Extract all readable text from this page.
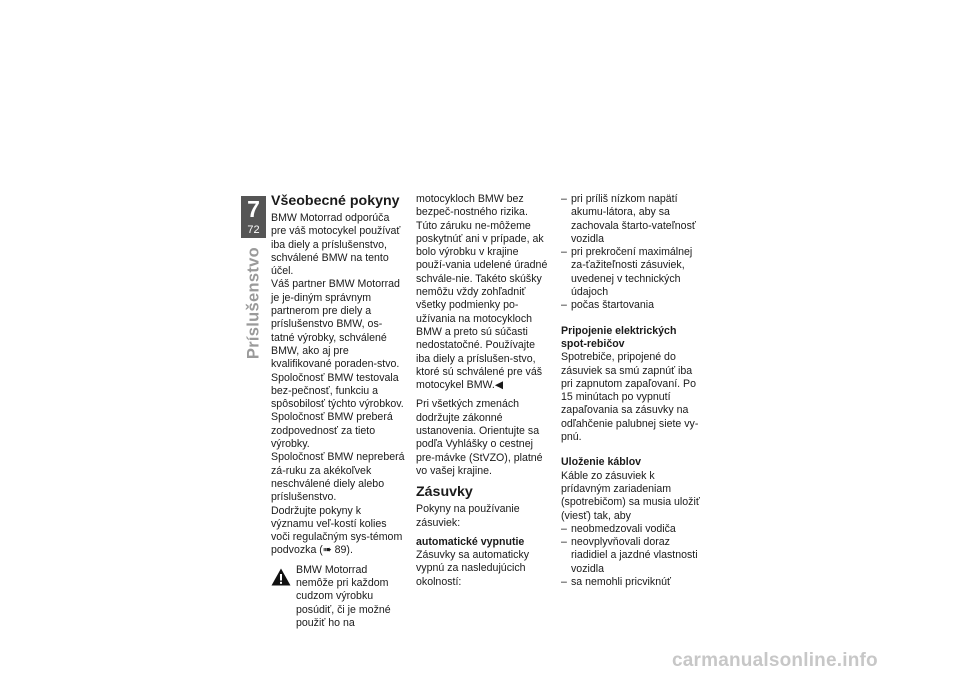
7
72
Príslušenstvo
Všeobecné pokyny

BMW Motorrad odporúča pre váš motocykel používať iba diely a príslušenstvo, schválené BMW na tento účel.

Váš partner BMW Motorrad je je-diným správnym partnerom pre diely a príslušenstvo BMW, os-tatné výrobky, schválené BMW, ako aj pre kvalifikované poraden-stvo.

Spoločnosť BMW testovala bez-pečnosť, funkciu a spôsobilosť týchto výrobkov. Spoločnosť BMW preberá zodpovednosť za tieto výrobky.

Spoločnosť BMW nepreberá zá-ruku za akékoľvek neschválené diely alebo príslušenstvo.

Dodržujte pokyny k významu veľ-kostí kolies voči regulačným sys-témom podvozka (➠ 89).

BMW Motorrad nemôže pri každom cudzom výrobku posúdiť, či je možné použiť ho na

motocykloch BMW bez bezpeč-nostného rizika. Túto záruku ne-môžeme poskytnúť ani v prípade, ak bolo výrobku v krajine použí-vania udelené úradné schvále-nie. Takéto skúšky nemôžu vždy zohľadniť všetky podmienky po-užívania na motocykloch BMW a preto sú súčasti nedostatočné. Používajte iba diely a príslušen-stvo, ktoré sú schválené pre váš motocykel BMW.◀

Pri všetkých zmenách dodržujte zákonné ustanovenia. Orientujte sa podľa Vyhlášky o cestnej pre-mávke (StVZO), platné vo vašej krajine.

Zásuvky

Pokyny na používanie zásuviek:

automatické vypnutie

Zásuvky sa automaticky vypnú za nasledujúcich okolností:

– pri príliš nízkom napätí akumu-látora, aby sa zachovala štarto-vateľnosť vozidla
– pri prekročení maximálnej za-ťažiteľnosti zásuviek, uvedenej v technických údajoch
– počas štartovania
Pripojenie elektrických spot-rebičov

Spotrebiče, pripojené do zásuviek sa smú zapnúť iba pri zapnutom zapaľovaní. Po 15 minútach po vypnutí zapaľovania sa zásuvky na odľahčenie palubnej siete vy-pnú.

Uloženie káblov

Káble zo zásuviek k prídavným zariadeniam (spotrebičom) sa musia uložiť (viesť) tak, aby

– neobmedzovali vodiča
– neovplyvňovali doraz riadidiel a jazdné vlastnosti vozidla
– sa nemohli pricviknúť
carmanualsonline.info
